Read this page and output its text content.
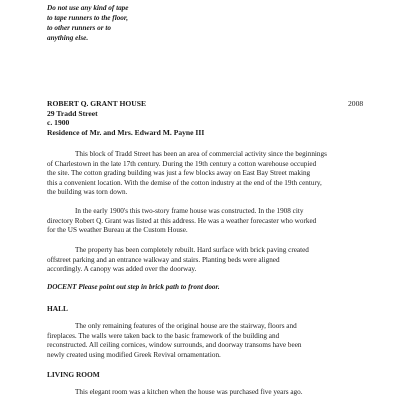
Do not use any kind of tape
to tape runners to the floor,
to other runners or to
anything else.
ROBERT Q. GRANT HOUSE
29 Tradd Street
c. 1900
Residence of Mr. and Mrs. Edward M. Payne III
2008
This block of Tradd Street has been an area of commercial activity since the beginnings
of Charlestown in the late 17th century. During the 19th century a cotton warehouse occupied
the site. The cotton grading building was just a few blocks away on East Bay Street making
this a convenient location. With the demise of the cotton industry at the end of the 19th century,
the building was torn down.
In the early 1900's this two-story frame house was constructed. In the 1908 city
directory Robert Q. Grant was listed at this address. He was a weather forecaster who worked
for the US weather Bureau at the Custom House.
The property has been completely rebuilt. Hard surface with brick paving created
offstreet parking and an entrance walkway and stairs. Planting beds were aligned
accordingly. A canopy was added over the doorway.
DOCENT Please point out step in brick path to front door.
HALL
The only remaining features of the original house are the stairway, floors and
fireplaces. The walls were taken back to the basic framework of the building and
reconstructed. All ceiling cornices, window surrounds, and doorway transoms have been
newly created using modified Greek Revival ornamentation.
LIVING ROOM
This elegant room was a kitchen when the house was purchased five years ago.
